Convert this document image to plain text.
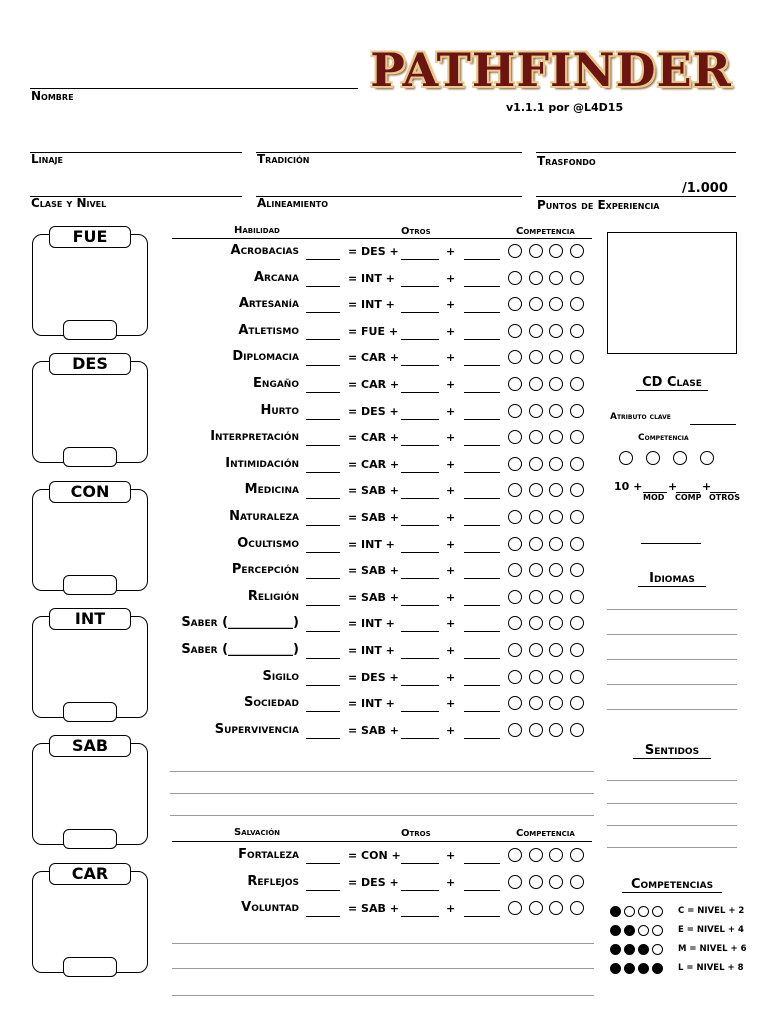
PATHFINDER
v1.1.1 por @L4D15
Nombre
Linaje	Tradición	Trasfondo
Clase y Nivel	Alineamiento
/1.000
Puntos de Experiencia
FUE
DES
CON
INT
SAB
CAR
Habilidad	Otros	Competencia
Acrobacias	= DES +	+
Arcana	= INT +	+
Artesanía	= INT +	+
Atletismo	= FUE +	+
Diplomacia	= CAR +	+
Engaño	= CAR +	+
Hurto	= DES +	+
Interpretación	= CAR +	+
Intimidación	= CAR +	+
Medicina	= SAB +	+
Naturaleza	= SAB +	+
Ocultismo	= INT +	+
Percepción	= SAB +	+
Religión	= SAB +	+
Saber (__________)	= INT +	+
Saber (__________)	= INT +	+
Sigilo	= DES +	+
Sociedad	= INT +	+
Supervivencia	= SAB +	+
Salvación	Otros	Competencia
Fortaleza	= CON +	+
Reflejos	= DES +	+
Voluntad	= SAB +	+
CD Clase
Atributo clave
Competencia
10 + + +
MOD COMP OTROS
Idiomas
Sentidos
Competencias
C = NIVEL + 2
E = NIVEL + 4
M = NIVEL + 6
L = NIVEL + 8
